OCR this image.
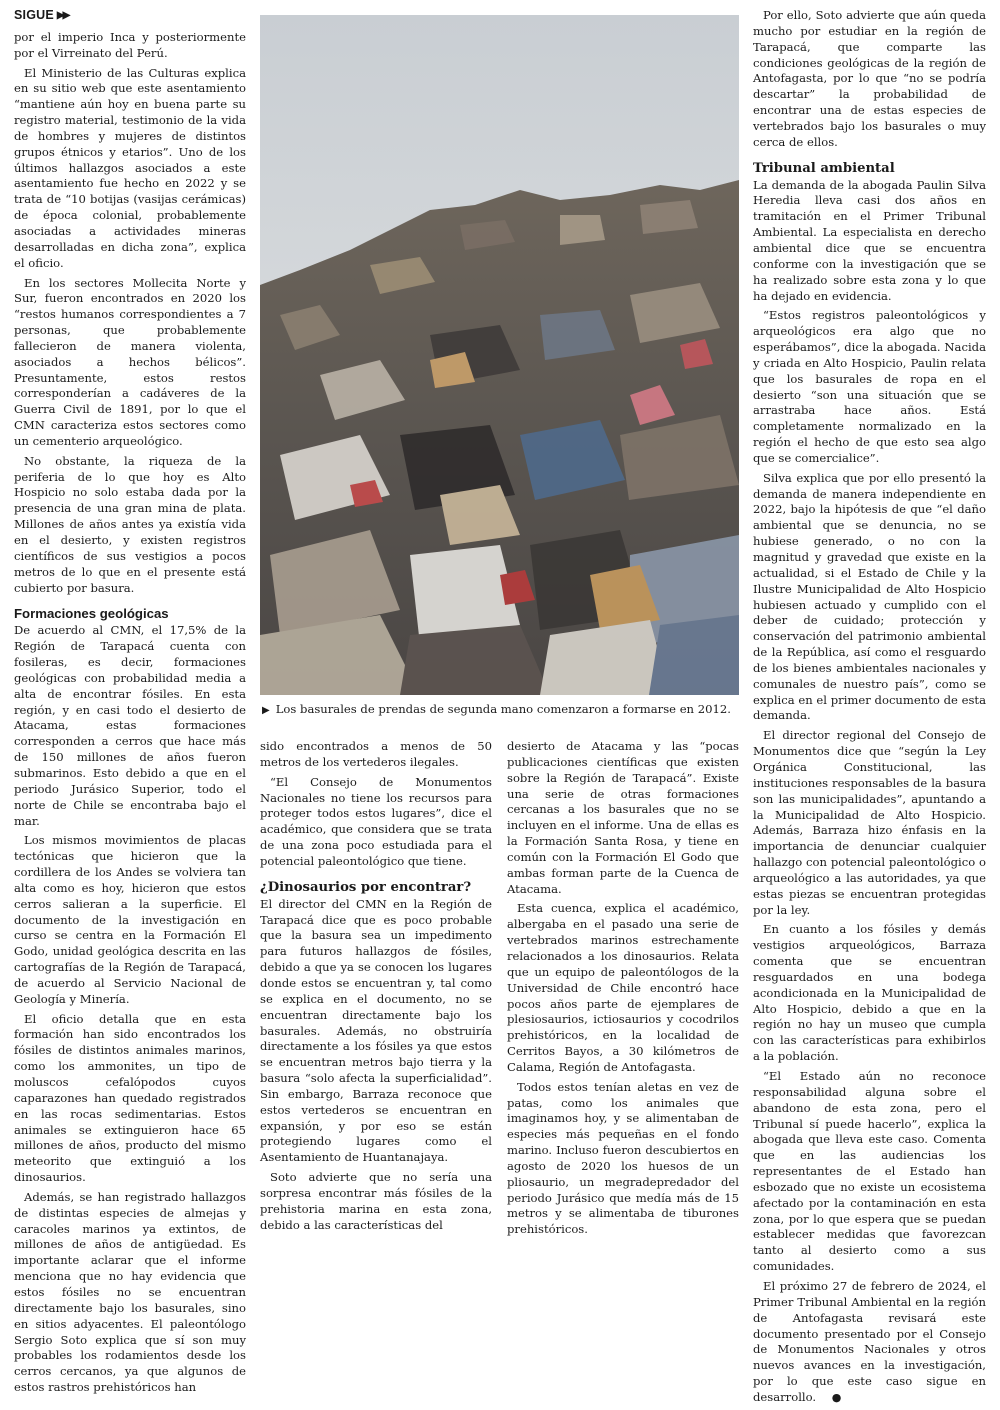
SIGUE ▶▶

por el imperio Inca y posteriormente por el Virreinato del Perú.

El Ministerio de las Culturas explica en su sitio web que este asentamiento “mantiene aún hoy en buena parte su registro material, testimonio de la vida de hombres y mujeres de distintos grupos étnicos y etarios”. Uno de los últimos hallazgos asociados a este asentamiento fue hecho en 2022 y se trata de “10 botijas (vasijas cerámicas) de época colonial, probablemente asociadas a actividades mineras desarrolladas en dicha zona”, explica el oficio.

En los sectores Mollecita Norte y Sur, fueron encontrados en 2020 los “restos humanos correspondientes a 7 personas, que probablemente fallecieron de manera violenta, asociados a hechos bélicos”. Presuntamente, estos restos corresponderían a cadáveres de la Guerra Civil de 1891, por lo que el CMN caracteriza estos sectores como un cementerio arqueológico.

No obstante, la riqueza de la periferia de lo que hoy es Alto Hospicio no solo estaba dada por la presencia de una gran mina de plata. Millones de años antes ya existía vida en el desierto, y existen registros científicos de sus vestigios a pocos metros de lo que en el presente está cubierto por basura.

Formaciones geológicas

De acuerdo al CMN, el 17,5% de la Región de Tarapacá cuenta con fosileras, es decir, formaciones geológicas con probabilidad media a alta de encontrar fósiles. En esta región, y en casi todo el desierto de Atacama, estas formaciones corresponden a cerros que hace más de 150 millones de años fueron submarinos. Esto debido a que en el periodo Jurásico Superior, todo el norte de Chile se encontraba bajo el mar.

Los mismos movimientos de placas tectónicas que hicieron que la cordillera de los Andes se volviera tan alta como es hoy, hicieron que estos cerros salieran a la superficie. El documento de la investigación en curso se centra en la Formación El Godo, unidad geológica descrita en las cartografías de la Región de Tarapacá, de acuerdo al Servicio Nacional de Geología y Minería.

El oficio detalla que en esta formación han sido encontrados los fósiles de distintos animales marinos, como los ammonites, un tipo de moluscos cefalópodos cuyos caparazones han quedado registrados en las rocas sedimentarias. Estos animales se extinguieron hace 65 millones de años, producto del mismo meteorito que extinguió a los dinosaurios.

Además, se han registrado hallazgos de distintas especies de almejas y caracoles marinos ya extintos, de millones de años de antigüedad. Es importante aclarar que el informe menciona que no hay evidencia que estos fósiles no se encuentran directamente bajo los basurales, sino en sitios adyacentes. El paleontólogo Sergio Soto explica que sí son muy probables los rodamientos desde los cerros cercanos, ya que algunos de estos rastros prehistóricos han

▶ Los basurales de prendas de segunda mano comenzaron a formarse en 2012.

sido encontrados a menos de 50 metros de los vertederos ilegales.

“El Consejo de Monumentos Nacionales no tiene los recursos para proteger todos estos lugares”, dice el académico, que considera que se trata de una zona poco estudiada para el potencial paleontológico que tiene.

¿Dinosaurios por encontrar?

El director del CMN en la Región de Tarapacá dice que es poco probable que la basura sea un impedimento para futuros hallazgos de fósiles, debido a que ya se conocen los lugares donde estos se encuentran y, tal como se explica en el documento, no se encuentran directamente bajo los basurales. Además, no obstruiría directamente a los fósiles ya que estos se encuentran metros bajo tierra y la basura “solo afecta la superficialidad”. Sin embargo, Barraza reconoce que estos vertederos se encuentran en expansión, y por eso se están protegiendo lugares como el Asentamiento de Huantanajaya.

Soto advierte que no sería una sorpresa encontrar más fósiles de la prehistoria marina en esta zona, debido a las características del

desierto de Atacama y las “pocas publicaciones científicas que existen sobre la Región de Tarapacá”. Existe una serie de otras formaciones cercanas a los basurales que no se incluyen en el informe. Una de ellas es la Formación Santa Rosa, y tiene en común con la Formación El Godo que ambas forman parte de la Cuenca de Atacama.

Esta cuenca, explica el académico, albergaba en el pasado una serie de vertebrados marinos estrechamente relacionados a los dinosaurios. Relata que un equipo de paleontólogos de la Universidad de Chile encontró hace pocos años parte de ejemplares de plesiosaurios, ictiosaurios y cocodrilos prehistóricos, en la localidad de Cerritos Bayos, a 30 kilómetros de Calama, Región de Antofagasta.

Todos estos tenían aletas en vez de patas, como los animales que imaginamos hoy, y se alimentaban de especies más pequeñas en el fondo marino. Incluso fueron descubiertos en agosto de 2020 los huesos de un pliosaurio, un megradepredador del periodo Jurásico que medía más de 15 metros y se alimentaba de tiburones prehistóricos.

Por ello, Soto advierte que aún queda mucho por estudiar en la región de Tarapacá, que comparte las condiciones geológicas de la región de Antofagasta, por lo que “no se podría descartar” la probabilidad de encontrar una de estas especies de vertebrados bajo los basurales o muy cerca de ellos.

Tribunal ambiental

La demanda de la abogada Paulin Silva Heredia lleva casi dos años en tramitación en el Primer Tribunal Ambiental. La especialista en derecho ambiental dice que se encuentra conforme con la investigación que se ha realizado sobre esta zona y lo que ha dejado en evidencia.

“Estos registros paleontológicos y arqueológicos era algo que no esperábamos”, dice la abogada. Nacida y criada en Alto Hospicio, Paulin relata que los basurales de ropa en el desierto “son una situación que se arrastraba hace años. Está completamente normalizado en la región el hecho de que esto sea algo que se comercialice”.

Silva explica que por ello presentó la demanda de manera independiente en 2022, bajo la hipótesis de que “el daño ambiental que se denuncia, no se hubiese generado, o no con la magnitud y gravedad que existe en la actualidad, si el Estado de Chile y la Ilustre Municipalidad de Alto Hospicio hubiesen actuado y cumplido con el deber de cuidado; protección y conservación del patrimonio ambiental de la República, así como el resguardo de los bienes ambientales nacionales y comunales de nuestro país”, como se explica en el primer documento de esta demanda.

El director regional del Consejo de Monumentos dice que “según la Ley Orgánica Constitucional, las instituciones responsables de la basura son las municipalidades”, apuntando a la Municipalidad de Alto Hospicio. Además, Barraza hizo énfasis en la importancia de denunciar cualquier hallazgo con potencial paleontológico o arqueológico a las autoridades, ya que estas piezas se encuentran protegidas por la ley.

En cuanto a los fósiles y demás vestigios arqueológicos, Barraza comenta que se encuentran resguardados en una bodega acondicionada en la Municipalidad de Alto Hospicio, debido a que en la región no hay un museo que cumpla con las características para exhibirlos a la población.

“El Estado aún no reconoce responsabilidad alguna sobre el abandono de esta zona, pero el Tribunal sí puede hacerlo”, explica la abogada que lleva este caso. Comenta que en las audiencias los representantes de el Estado han esbozado que no existe un ecosistema afectado por la contaminación en esta zona, por lo que espera que se puedan establecer medidas que favorezcan tanto al desierto como a sus comunidades.

El próximo 27 de febrero de 2024, el Primer Tribunal Ambiental en la región de Antofagasta revisará este documento presentado por el Consejo de Monumentos Nacionales y otros nuevos avances en la investigación, por lo que este caso sigue en desarrollo. ●
